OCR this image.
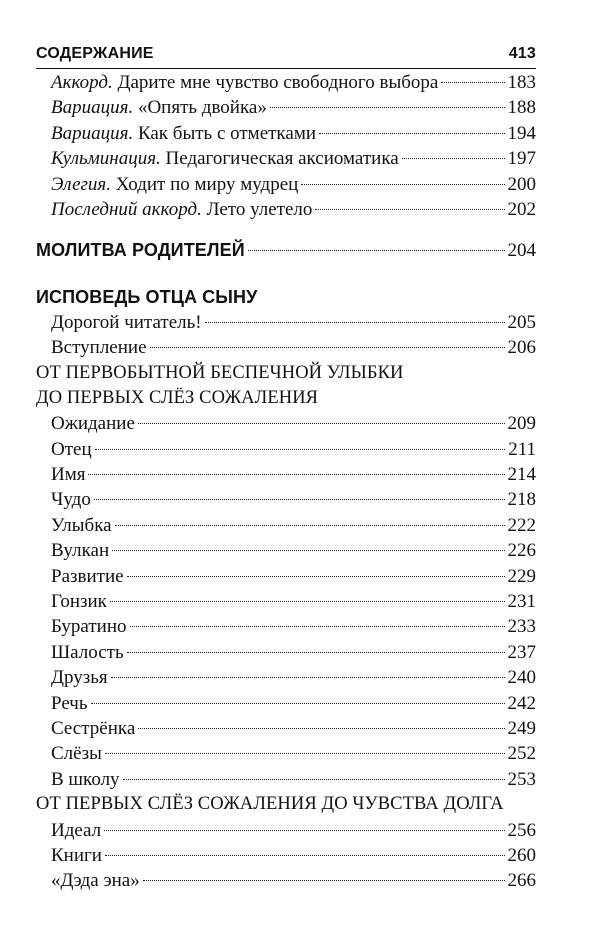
СОДЕРЖАНИЕ	413
Аккорд. Дарите мне чувство свободного выбора	183
Вариация. «Опять двойка»	188
Вариация. Как быть с отметками	194
Кульминация. Педагогическая аксиоматика	197
Элегия. Ходит по миру мудрец	200
Последний аккорд. Лето улетело	202
МОЛИТВА РОДИТЕЛЕЙ	204
ИСПОВЕДЬ ОТЦА СЫНУ
Дорогой читатель!	205
Вступление	206
ОТ ПЕРВОБЫТНОЙ БЕСПЕЧНОЙ УЛЫБКИ
ДО ПЕРВЫХ СЛЁЗ СОЖАЛЕНИЯ
Ожидание	209
Отец	211
Имя	214
Чудо	218
Улыбка	222
Вулкан	226
Развитие	229
Гонзик	231
Буратино	233
Шалость	237
Друзья	240
Речь	242
Сестрёнка	249
Слёзы	252
В школу	253
ОТ ПЕРВЫХ СЛЁЗ СОЖАЛЕНИЯ ДО ЧУВСТВА ДОЛГА
Идеал	256
Книги	260
«Дэда эна»	266
